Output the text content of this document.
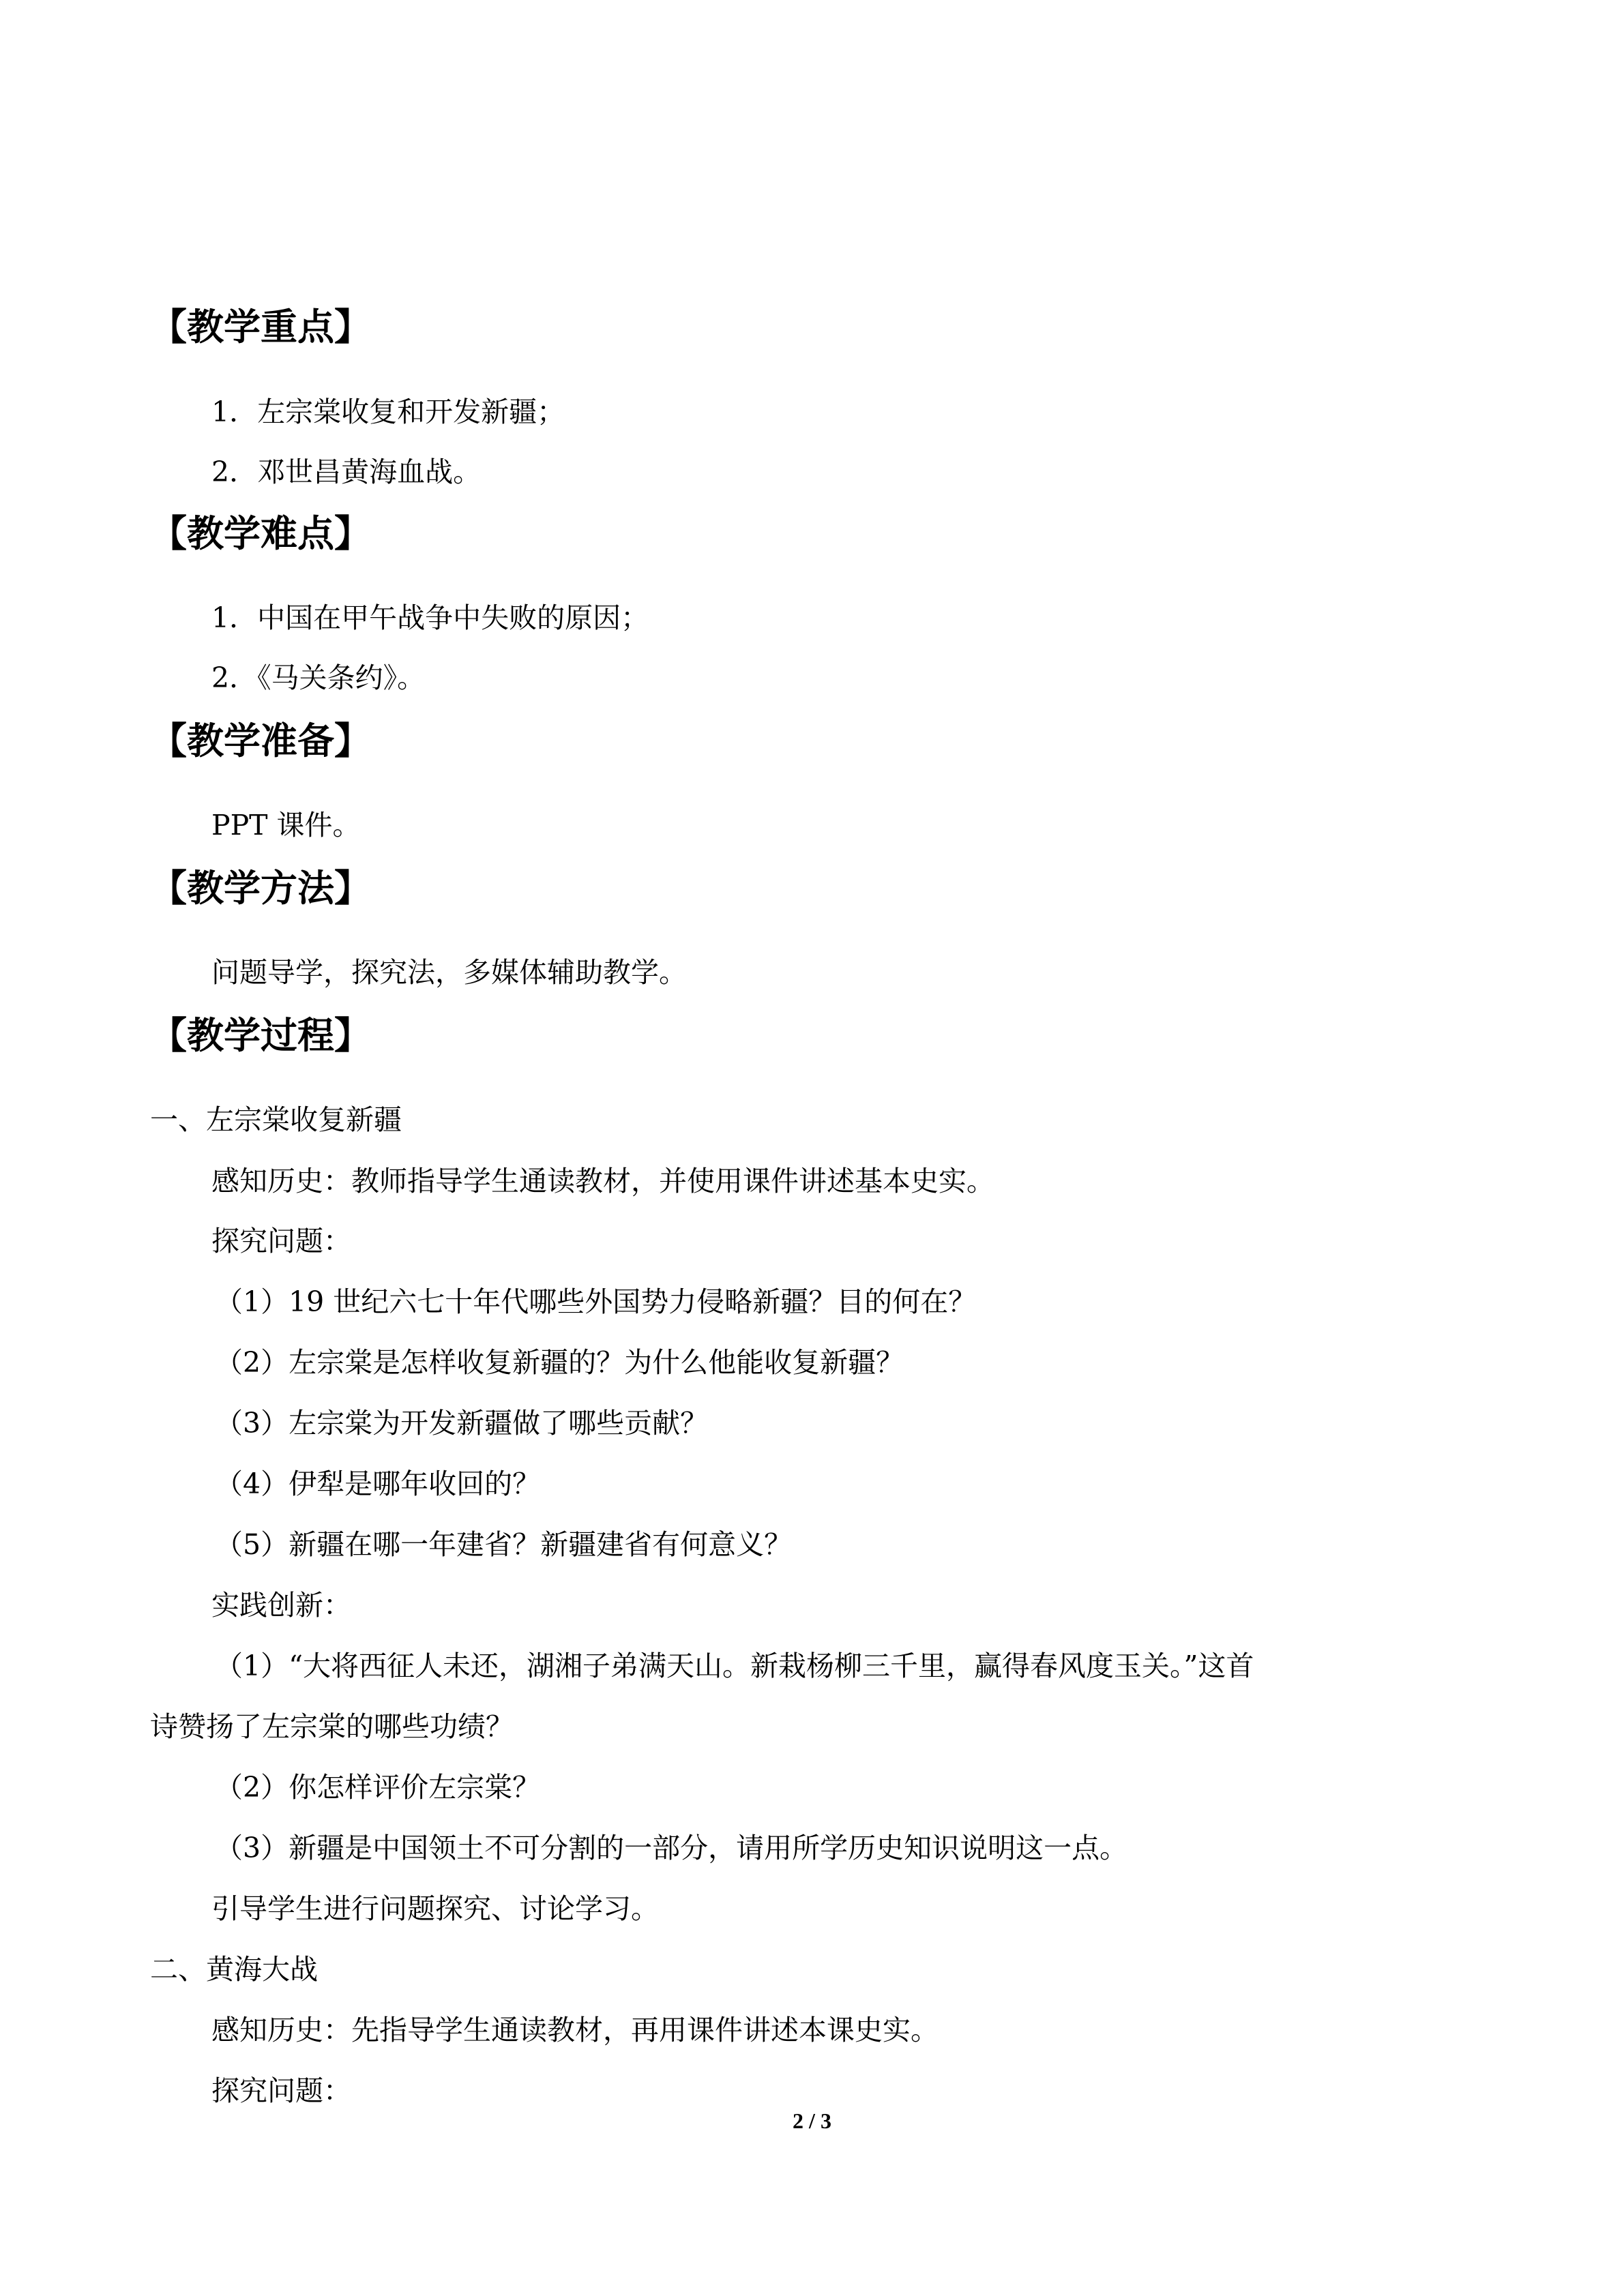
【教学重点】
1．左宗棠收复和开发新疆；
2．邓世昌黄海血战。
【教学难点】
1．中国在甲午战争中失败的原因；
2．《马关条约》。
【教学准备】
PPT 课件。
【教学方法】
问题导学，探究法，多媒体辅助教学。
【教学过程】
一、左宗棠收复新疆
感知历史：教师指导学生通读教材，并使用课件讲述基本史实。
探究问题：
（1）19 世纪六七十年代哪些外国势力侵略新疆？目的何在？
（2）左宗棠是怎样收复新疆的？为什么他能收复新疆？
（3）左宗棠为开发新疆做了哪些贡献？
（4）伊犁是哪年收回的？
（5）新疆在哪一年建省？新疆建省有何意义？
实践创新：
（1）“大将西征人未还，湖湘子弟满天山。新栽杨柳三千里，赢得春风度玉关。”这首
诗赞扬了左宗棠的哪些功绩？
（2）你怎样评价左宗棠？
（3）新疆是中国领土不可分割的一部分，请用所学历史知识说明这一点。
引导学生进行问题探究、讨论学习。
二、黄海大战
感知历史：先指导学生通读教材，再用课件讲述本课史实。
探究问题：
2 / 3
